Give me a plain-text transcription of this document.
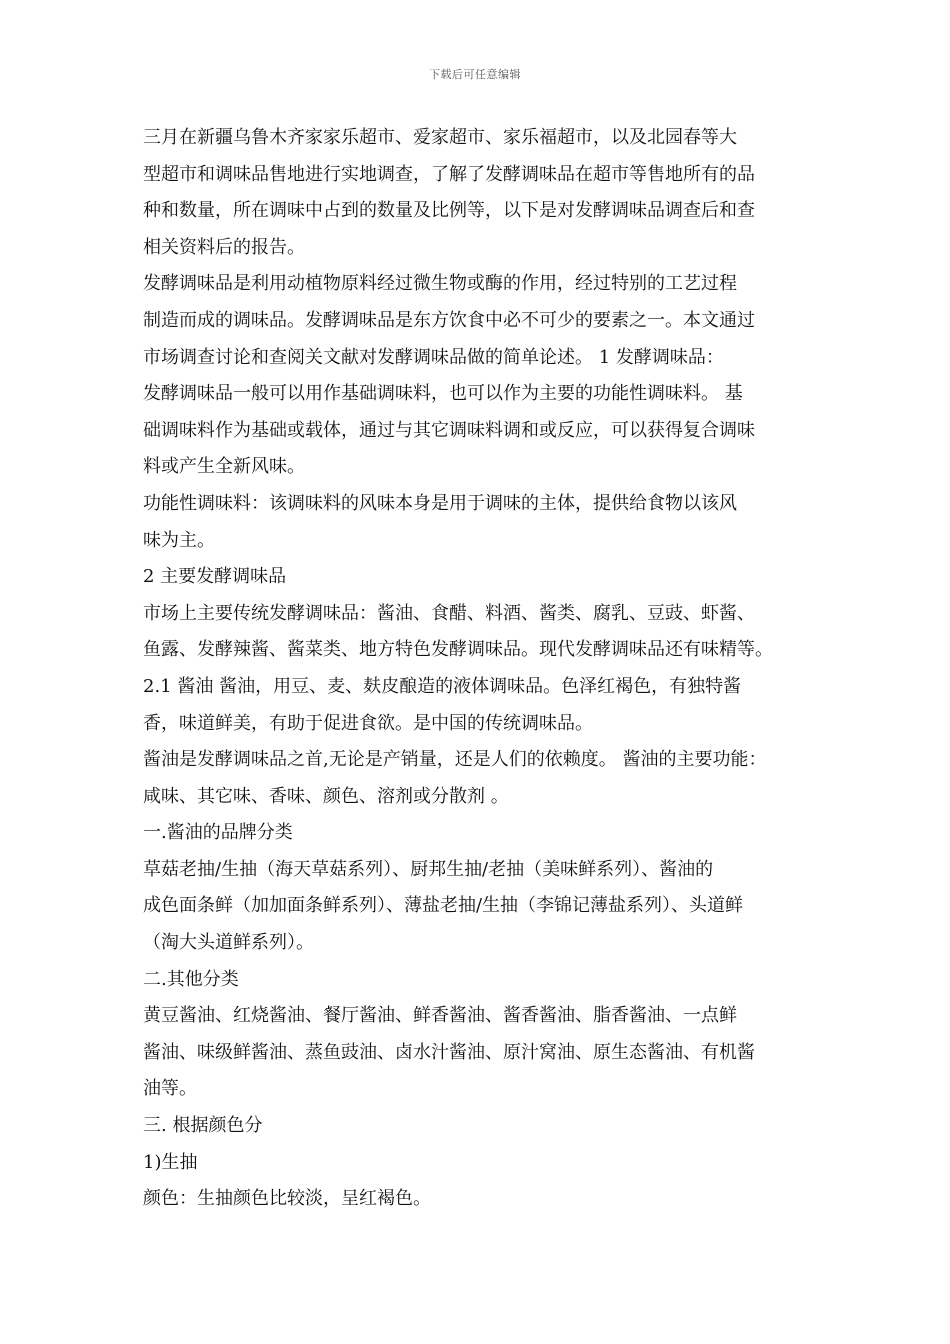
下载后可任意编辑
三月在新疆乌鲁木齐家家乐超市、爱家超市、家乐福超市，以及北园春等大
型超市和调味品售地进行实地调查，了解了发酵调味品在超市等售地所有的品
种和数量，所在调味中占到的数量及比例等，以下是对发酵调味品调查后和查
相关资料后的报告。
发酵调味品是利用动植物原料经过微生物或酶的作用，经过特别的工艺过程
制造而成的调味品。发酵调味品是东方饮食中必不可少的要素之一。本文通过
市场调查讨论和查阅关文献对发酵调味品做的简单论述。 1 发酵调味品：
发酵调味品一般可以用作基础调味料，也可以作为主要的功能性调味料。 基
础调味料作为基础或载体，通过与其它调味料调和或反应，可以获得复合调味
料或产生全新风味。
功能性调味料：该调味料的风味本身是用于调味的主体，提供给食物以该风
味为主。
2 主要发酵调味品
市场上主要传统发酵调味品：酱油、食醋、料酒、酱类、腐乳、豆豉、虾酱、
鱼露、发酵辣酱、酱菜类、地方特色发酵调味品。现代发酵调味品还有味精等。
2.1 酱油 酱油，用豆、麦、麸皮酿造的液体调味品。色泽红褐色，有独特酱
香，味道鲜美，有助于促进食欲。是中国的传统调味品。
酱油是发酵调味品之首,无论是产销量，还是人们的依赖度。 酱油的主要功能：
咸味、其它味、香味、颜色、溶剂或分散剂 。
一.酱油的品牌分类
草菇老抽/生抽（海天草菇系列）、厨邦生抽/老抽（美味鲜系列）、酱油的
成色面条鲜（加加面条鲜系列）、薄盐老抽/生抽（李锦记薄盐系列）、头道鲜
（淘大头道鲜系列）。
二.其他分类
黄豆酱油、红烧酱油、餐厅酱油、鲜香酱油、酱香酱油、脂香酱油、一点鲜
酱油、味级鲜酱油、蒸鱼豉油、卤水汁酱油、原汁窝油、原生态酱油、有机酱
油等。
三. 根据颜色分
1)生抽
颜色：生抽颜色比较淡，呈红褐色。
